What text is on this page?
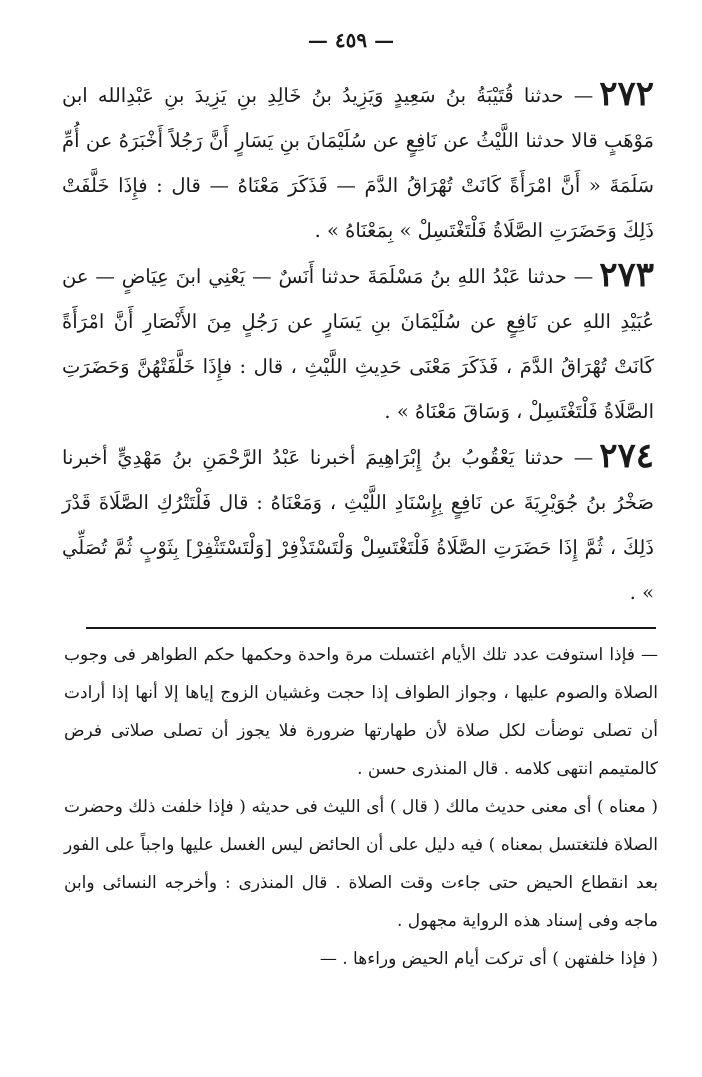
— ٤٥٩ —

٢٧٢— حدثنا قُتَيْبَةُ بنُ سَعِيدٍ وَيَزِيدُ بنُ خَالِدِ بنِ يَزِيدَ بنِ عَبْدِالله ابن مَوْهَبٍ قالا حدثنا اللَّيْثُ عن نَافِعٍ عن سُلَيْمَانَ بنِ يَسَارٍ أَنَّ رَجُلاً أَخْبَرَهُ عن أُمِّ سَلَمَةَ « أَنَّ امْرَأَةً كَانَتْ تُهْرَاقُ الدَّمَ — فَذَكَرَ مَعْنَاهُ — قال : فإِذَا خَلَّفَتْ ذَلِكَ وَحَضَرَتِ الصَّلَاةُ فَلْتَغْتَسِلْ » بِمَعْنَاهُ » .

٢٧٣— حدثنا عَبْدُ اللهِ بنُ مَسْلَمَةَ حدثنا أَنَسٌ — يَعْنِي ابنَ عِيَاضٍ — عن عُبَيْدِ اللهِ عن نَافِعٍ عن سُلَيْمَانَ بنِ يَسَارٍ عن رَجُلٍ مِنَ الأَنْصَارِ أَنَّ امْرَأَةً كَانَتْ تُهْرَاقُ الدَّمَ ، فَذَكَرَ مَعْنَى حَدِيثِ اللَّيْثِ ، قال : فإِذَا خَلَّفَتْهُنَّ وَحَضَرَتِ الصَّلَاةُ فَلْتَغْتَسِلْ ، وَسَاقَ مَعْنَاهُ » .

٢٧٤— حدثنا يَعْقُوبُ بنُ إِبْرَاهِيمَ أخبرنا عَبْدُ الرَّحْمَنِ بنُ مَهْدِيٍّ أخبرنا صَخْرُ بنُ جُوَيْرِيَةَ عن نَافِعٍ بِإِسْنَادِ اللَّيْثِ ، وَمَعْنَاهُ : قال فَلْتَتْرُكِ الصَّلَاةَ قَدْرَ ذَلِكَ ، ثُمَّ إِذَا حَضَرَتِ الصَّلَاةُ فَلْتَغْتَسِلْ وَلْتَسْتَذْفِرْ [وَلْتَسْتَثْفِرْ] بِثَوْبٍ ثُمَّ تُصَلِّي » .

— فإذا استوفت عدد تلك الأيام اغتسلت مرة واحدة وحكمها حكم الطواهر فى وجوب الصلاة والصوم عليها ، وجواز الطواف إذا حجت وغشيان الزوج إياها إلا أنها إذا أرادت أن تصلى توضأت لكل صلاة لأن طهارتها ضرورة فلا يجوز أن تصلى صلاتى فرض كالمتيمم انتهى كلامه . قال المنذرى حسن .

( معناه ) أى معنى حديث مالك ( قال ) أى الليث فى حديثه ( فإذا خلفت ذلك وحضرت الصلاة فلتغتسل بمعناه ) فيه دليل على أن الحائض ليس الغسل عليها واجباً على الفور بعد انقطاع الحيض حتى جاءت وقت الصلاة . قال المنذرى : وأخرجه النسائى وابن ماجه وفى إسناد هذه الرواية مجهول .

( فإذا خلفتهن ) أى تركت أيام الحيض وراءها . —
